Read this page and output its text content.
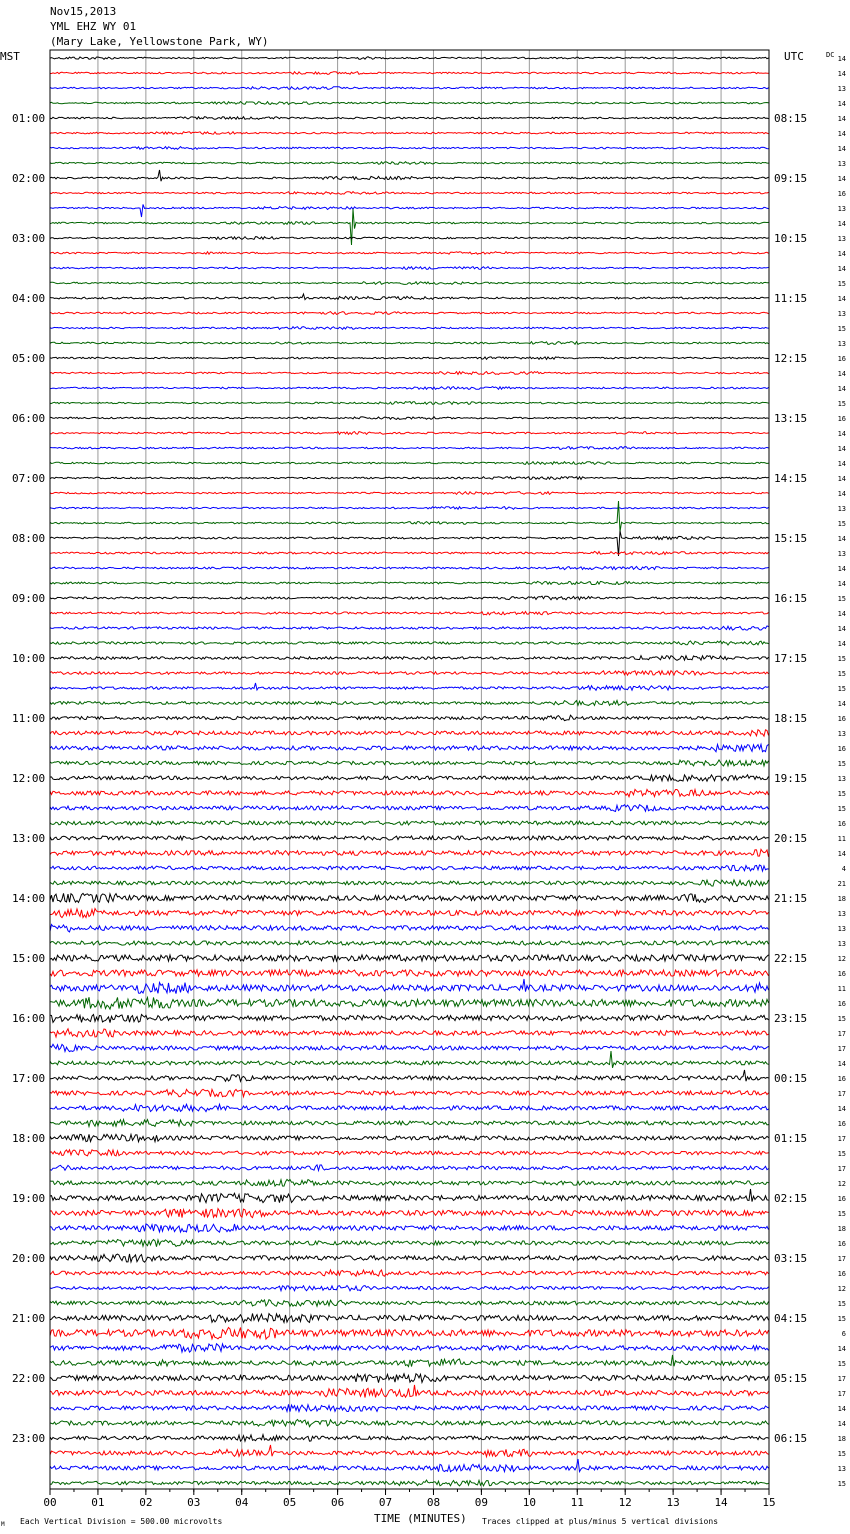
Nov15,2013
YML EHZ WY 01
(Mary Lake, Yellowstone Park, WY)
MST	UTC	DC
01:00
02:00
03:00
04:00
05:00
06:00
07:00
08:00
09:00
10:00
11:00
12:00
13:00
14:00
15:00
16:00
17:00
18:00
19:00
20:00
21:00
22:00
23:00
08:15
09:15
10:15
11:15
12:15
13:15
14:15
15:15
16:15
17:15
18:15
19:15
20:15
21:15
22:15
23:15
00:15
01:15
02:15
03:15
04:15
05:15
06:15
14
14
13
14
14
14
14
13
14
16
13
14
13
14
14
15
14
13
15
13
16
14
14
15
16
14
14
14
14
14
13
15
14
13
14
14
15
14
14
14
15
15
15
14
16
13
16
15
13
15
15
16
11
14
4
21
18
13
13
13
12
16
11
16
15
17
17
14
16
17
14
16
17
15
17
12
16
15
18
16
17
16
12
15
15
6
14
15
17
17
14
14
18
15
13
15
00	01	02	03	04	05	06	07	08	09	10	11	12	13	14	15
TIME (MINUTES)
Each Vertical Division = 500.00 microvolts	Traces clipped at plus/minus 5 vertical divisions
M
